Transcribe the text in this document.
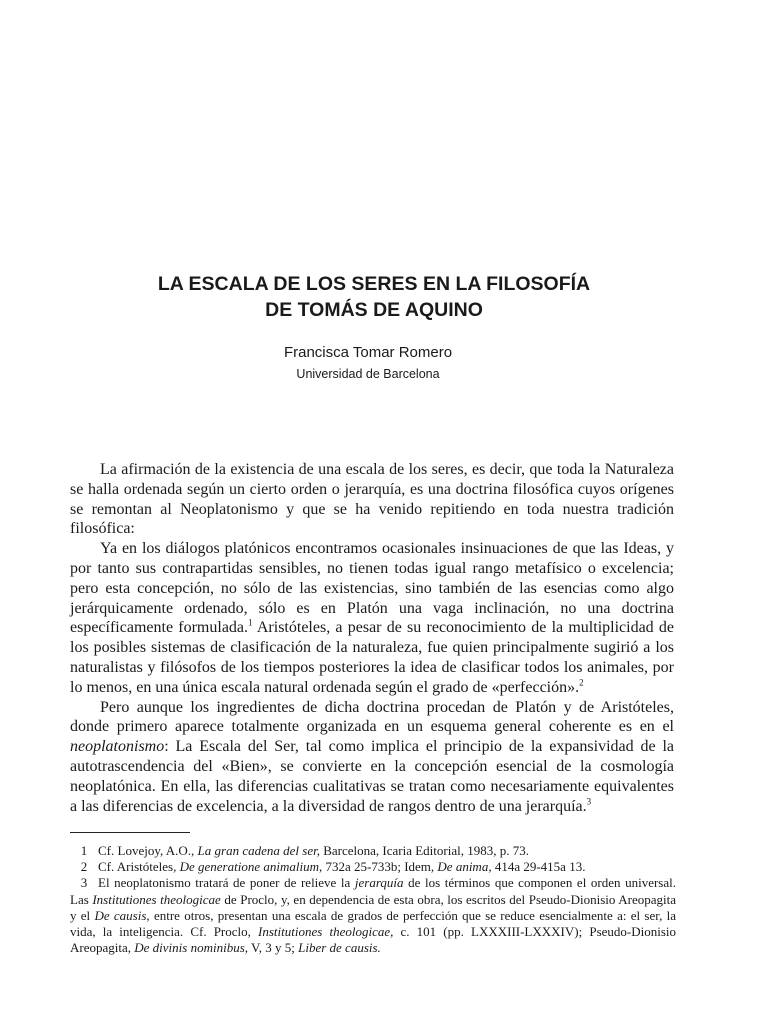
LA ESCALA DE LOS SERES EN LA FILOSOFÍA
DE TOMÁS DE AQUINO
Francisca Tomar Romero
Universidad de Barcelona

La afirmación de la existencia de una escala de los seres, es decir, que toda la Naturaleza se halla ordenada según un cierto orden o jerarquía, es una doctrina filosófica cuyos orígenes se remontan al Neoplatonismo y que se ha venido repitiendo en toda nuestra tradición filosófica:

Ya en los diálogos platónicos encontramos ocasionales insinuaciones de que las Ideas, y por tanto sus contrapartidas sensibles, no tienen todas igual rango metafísico o excelencia; pero esta concepción, no sólo de las existencias, sino también de las esencias como algo jerárquicamente ordenado, sólo es en Platón una vaga inclinación, no una doctrina específicamente formulada.$^1$ Aristóteles, a pesar de su reconocimiento de la multiplicidad de los posibles sistemas de clasificación de la naturaleza, fue quien principalmente sugirió a los naturalistas y filósofos de los tiempos posteriores la idea de clasificar todos los animales, por lo menos, en una única escala natural ordenada según el grado de «perfección».$^2$

Pero aunque los ingredientes de dicha doctrina procedan de Platón y de Aristóteles, donde primero aparece totalmente organizada en un esquema general coherente es en el neoplatonismo: La Escala del Ser, tal como implica el principio de la expansividad de la autotrascendencia del «Bien», se convierte en la concepción esencial de la cosmología neoplatónica. En ella, las diferencias cualitativas se tratan como necesariamente equivalentes a las diferencias de excelencia, a la diversidad de rangos dentro de una jerarquía.$^3$

1 Cf. Lovejoy, A.O., La gran cadena del ser, Barcelona, Icaria Editorial, 1983, p. 73.

2 Cf. Aristóteles, De generatione animalium, 732a 25-733b; Idem, De anima, 414a 29-415a 13.

3 El neoplatonismo tratará de poner de relieve la jerarquía de los términos que componen el orden universal. Las Institutiones theologicae de Proclo, y, en dependencia de esta obra, los escritos del Pseudo-Dionisio Areopagita y el De causis, entre otros, presentan una escala de grados de perfección que se reduce esencialmente a: el ser, la vida, la inteligencia. Cf. Proclo, Institutiones theologicae, c. 101 (pp. LXXXIII-LXXXIV); Pseudo-Dionisio Areopagita, De divinis nominibus, V, 3 y 5; Liber de causis.
